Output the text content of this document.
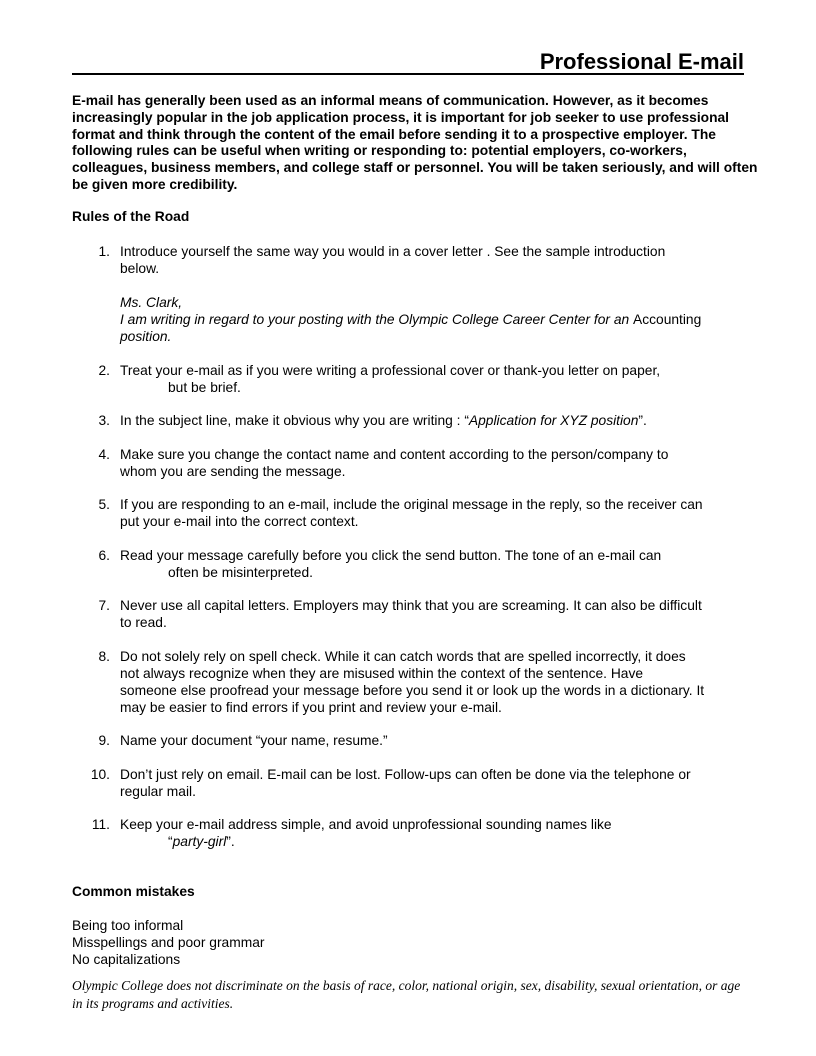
Professional E-mail
E-mail has generally been used as an informal means of communication. However, as it becomes increasingly popular in the job application process, it is important for job seeker to use professional format and think through the content of the email before sending it to a prospective employer. The following rules can be useful when writing or responding to: potential employers, co-workers, colleagues, business members, and college staff or personnel. You will be taken seriously, and will often be given more credibility.
Rules of the Road
1. Introduce yourself the same way you would in a cover letter . See the sample introduction
below.
Ms. Clark,
I am writing in regard to your posting with the Olympic College Career Center for an Accounting
position.
2. Treat your e-mail as if you were writing a professional cover or thank-you letter on paper,
but be brief.
3. In the subject line, make it obvious why you are writing : “Application for XYZ position”.
4. Make sure you change the contact name and content according to the person/company to
whom you are sending the message.
5. If you are responding to an e-mail, include the original message in the reply, so the receiver can
put your e-mail into the correct context.
6. Read your message carefully before you click the send button. The tone of an e-mail can
often be misinterpreted.
7. Never use all capital letters. Employers may think that you are screaming. It can also be difficult
to read.
8. Do not solely rely on spell check. While it can catch words that are spelled incorrectly, it does
not always recognize when they are misused within the context of the sentence. Have
someone else proofread your message before you send it or look up the words in a dictionary. It
may be easier to find errors if you print and review your e-mail.
9. Name your document “your name, resume.”
10. Don’t just rely on email. E-mail can be lost. Follow-ups can often be done via the telephone or
regular mail.
11. Keep your e-mail address simple, and avoid unprofessional sounding names like
“party-girl”.
Common mistakes
Being too informal
Misspellings and poor grammar
No capitalizations
Olympic College does not discriminate on the basis of race, color, national origin, sex, disability, sexual orientation, or age in its programs and activities.
